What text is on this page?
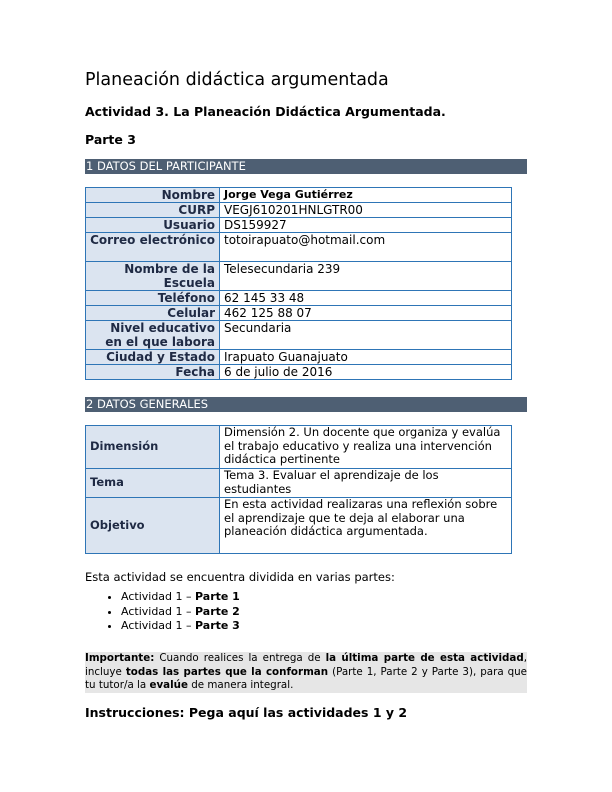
Planeación didáctica argumentada
Actividad 3. La Planeación Didáctica Argumentada.
Parte 3
1 DATOS DEL PARTICIPANTE
Nombre	Jorge Vega Gutiérrez
CURP	VEGJ610201HNLGTR00
Usuario	DS159927
Correo electrónico	totoirapuato@hotmail.com
Nombre de la Escuela	Telesecundaria 239
Teléfono	62 145 33 48
Celular	462 125 88 07
Nivel educativo en el que labora	Secundaria
Ciudad y Estado	Irapuato Guanajuato
Fecha	6 de julio de 2016
2 DATOS GENERALES
Dimensión	Dimensión 2. Un docente que organiza y evalúa el trabajo educativo y realiza una intervención didáctica pertinente
Tema	Tema 3. Evaluar el aprendizaje de los estudiantes
Objetivo	En esta actividad realizaras una reflexión sobre el aprendizaje que te deja al elaborar una planeación didáctica argumentada.
Esta actividad se encuentra dividida en varias partes:
• Actividad 1 – Parte 1
• Actividad 1 – Parte 2
• Actividad 1 – Parte 3
Importante: Cuando realices la entrega de la última parte de esta actividad, incluye todas las partes que la conforman (Parte 1, Parte 2 y Parte 3), para que tu tutor/a la evalúe de manera integral.
Instrucciones: Pega aquí las actividades 1 y 2
